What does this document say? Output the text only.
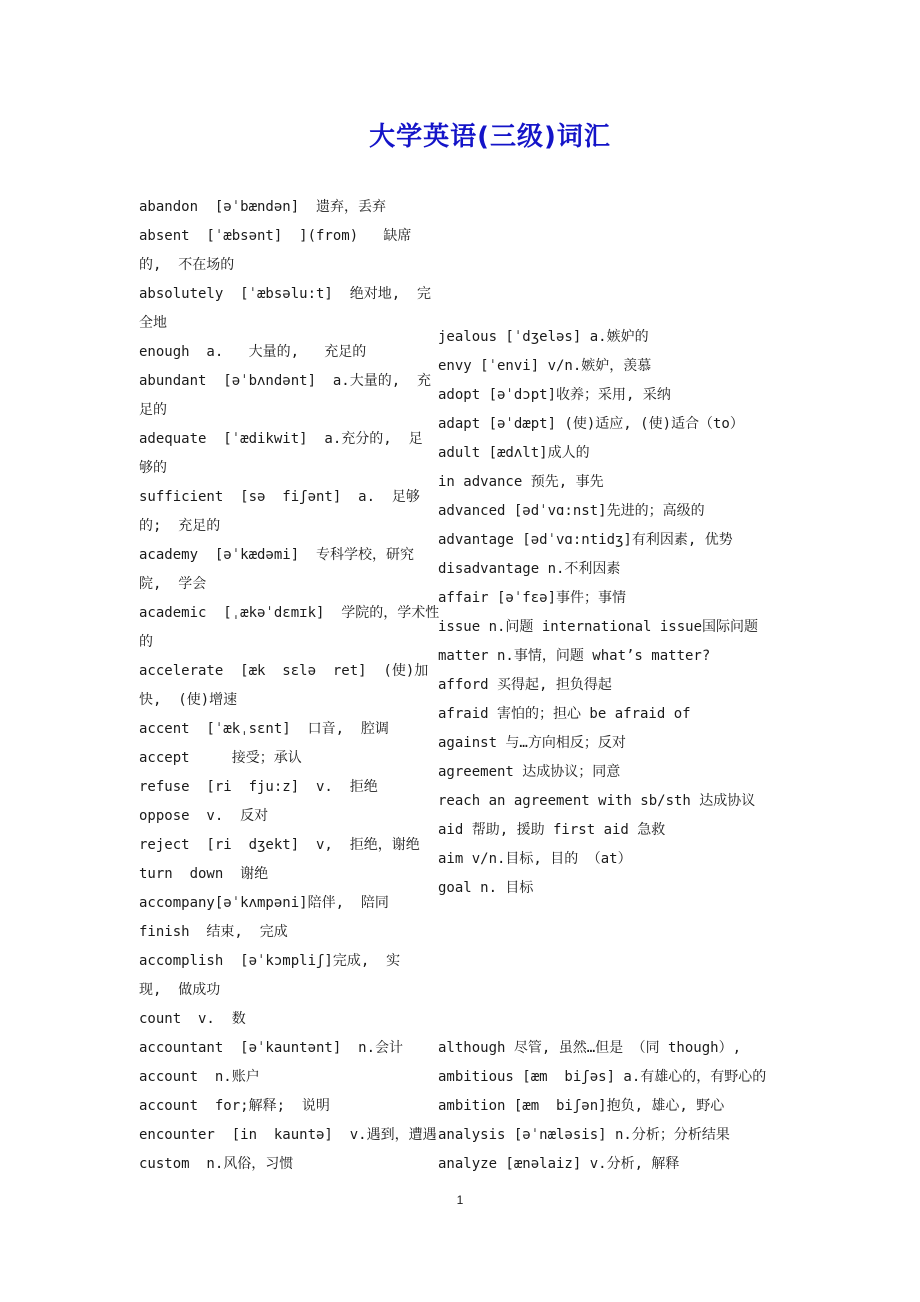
大学英语(三级)词汇
abandon  [əˈbændən]  遗弃，丢弃
absent  [ˈæbsənt]  ](from)   缺席
的,  不在场的
absolutely  [ˈæbsəlu:t]  绝对地,  完
全地
enough  a.   大量的,   充足的
abundant  [əˈbʌndənt]  a.大量的,  充
足的
adequate  [ˈædikwit]  a.充分的,  足
够的
sufficient  [sə  fiʃənt]  a.  足够
的;  充足的
academy  [əˈkædəmi]  专科学校，研究
院,  学会
academic  [ˌækəˈdɛmɪk]  学院的，学术性
的
accelerate  [æk  sɛlə  ret]  (使)加
快,  (使)增速
accent  [ˈækˌsɛnt]  口音,  腔调
accept     接受；承认
refuse  [ri  fju:z]  v.  拒绝
oppose  v.  反对
reject  [ri  dʒekt]  v,  拒绝，谢绝
turn  down  谢绝
accompany[əˈkʌmpəni]陪伴,  陪同
finish  结束,  完成
accomplish  [əˈkɔmpliʃ]完成,  实
现,  做成功
count  v.  数
jealous [ˈdʒeləs] a.嫉妒的
envy [ˈenvi] v/n.嫉妒，羡慕
adopt [əˈdɔpt]收养；采用, 采纳
adapt [əˈdæpt] (使)适应, (使)适合（to）
adult [ædʌlt]成人的
in advance 预先, 事先
advanced [ədˈvɑ:nst]先进的；高级的
advantage [ədˈvɑ:ntidʒ]有利因素, 优势
disadvantage n.不利因素
affair [əˈfɛə]事件；事情
issue n.问题 international issue国际问题
matter n.事情，问题 what’s matter?
afford 买得起, 担负得起
afraid 害怕的；担心 be afraid of
against 与…方向相反；反对
agreement 达成协议；同意
reach an agreement with sb/sth 达成协议
aid 帮助, 援助 first aid 急救
aim v/n.目标, 目的 （at）
goal n. 目标
accountant  [əˈkauntənt]  n.会计
account  n.账户
account  for;解释;  说明
encounter  [in  kauntə]  v.遇到，遭遇
custom  n.风俗，习惯
although 尽管, 虽然…但是 （同 though）,
ambitious [æm  biʃəs] a.有雄心的，有野心的
ambition [æm  biʃən]抱负, 雄心, 野心
analysis [əˈnæləsis] n.分析；分析结果
analyze [ænəlaiz] v.分析, 解释
1
